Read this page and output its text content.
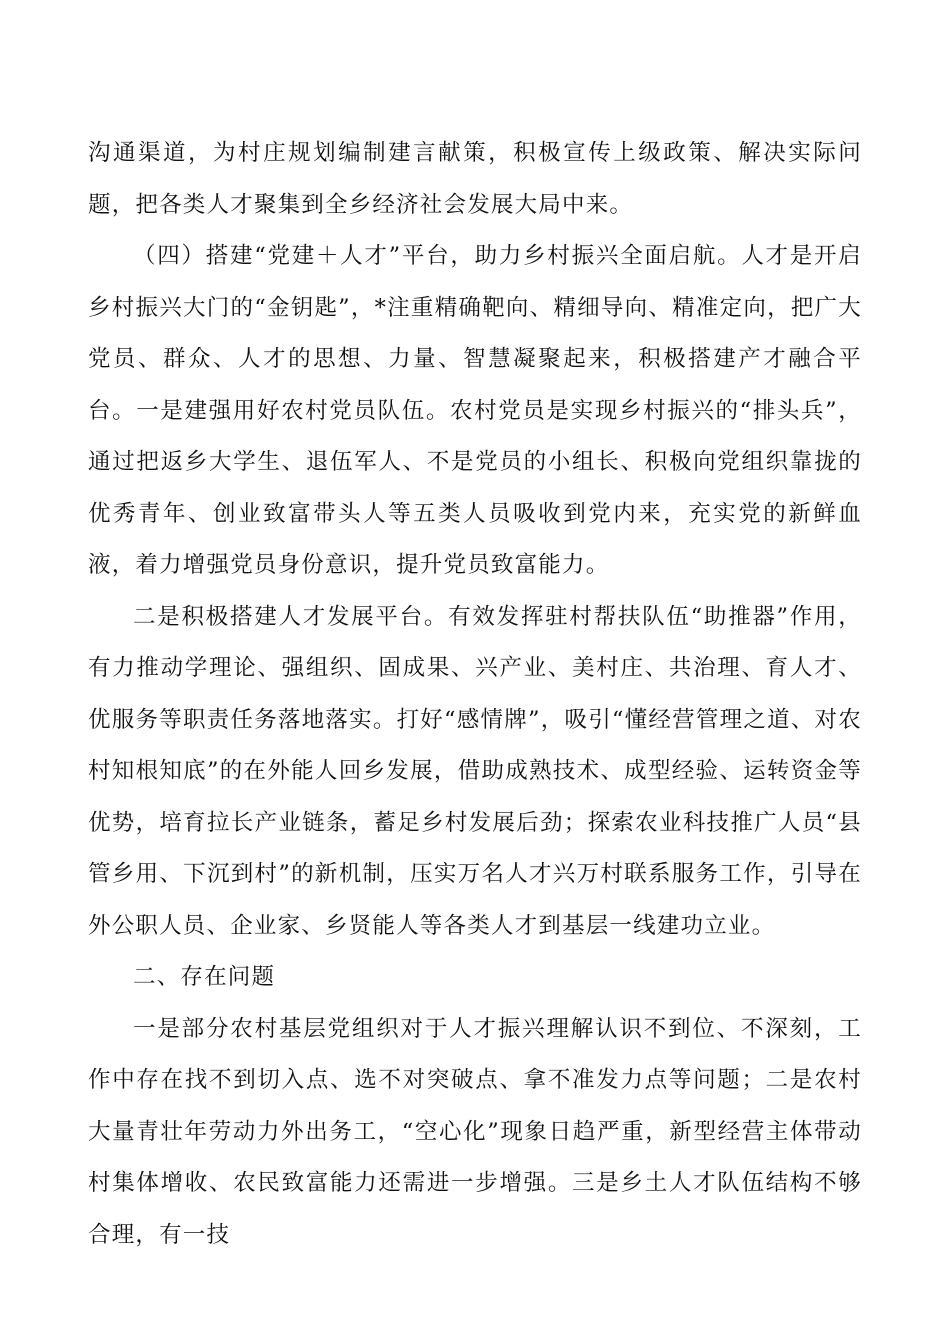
沟通渠道，为村庄规划编制建言献策，积极宣传上级政策、解决实际问题，把各类人才聚集到全乡经济社会发展大局中来。

（四）搭建“党建＋人才”平台，助力乡村振兴全面启航。人才是开启乡村振兴大门的“金钥匙”，*注重精确靶向、精细导向、精准定向，把广大党员、群众、人才的思想、力量、智慧凝聚起来，积极搭建产才融合平台。一是建强用好农村党员队伍。农村党员是实现乡村振兴的“排头兵”，通过把返乡大学生、退伍军人、不是党员的小组长、积极向党组织靠拢的优秀青年、创业致富带头人等五类人员吸收到党内来，充实党的新鲜血液，着力增强党员身份意识，提升党员致富能力。

二是积极搭建人才发展平台。有效发挥驻村帮扶队伍“助推器”作用，有力推动学理论、强组织、固成果、兴产业、美村庄、共治理、育人才、优服务等职责任务落地落实。打好“感情牌”，吸引“懂经营管理之道、对农村知根知底”的在外能人回乡发展，借助成熟技术、成型经验、运转资金等优势，培育拉长产业链条，蓄足乡村发展后劲；探索农业科技推广人员“县管乡用、下沉到村”的新机制，压实万名人才兴万村联系服务工作，引导在外公职人员、企业家、乡贤能人等各类人才到基层一线建功立业。

二、存在问题

一是部分农村基层党组织对于人才振兴理解认识不到位、不深刻，工作中存在找不到切入点、选不对突破点、拿不准发力点等问题；二是农村大量青壮年劳动力外出务工，“空心化”现象日趋严重，新型经营主体带动村集体增收、农民致富能力还需进一步增强。三是乡土人才队伍结构不够合理，有一技
